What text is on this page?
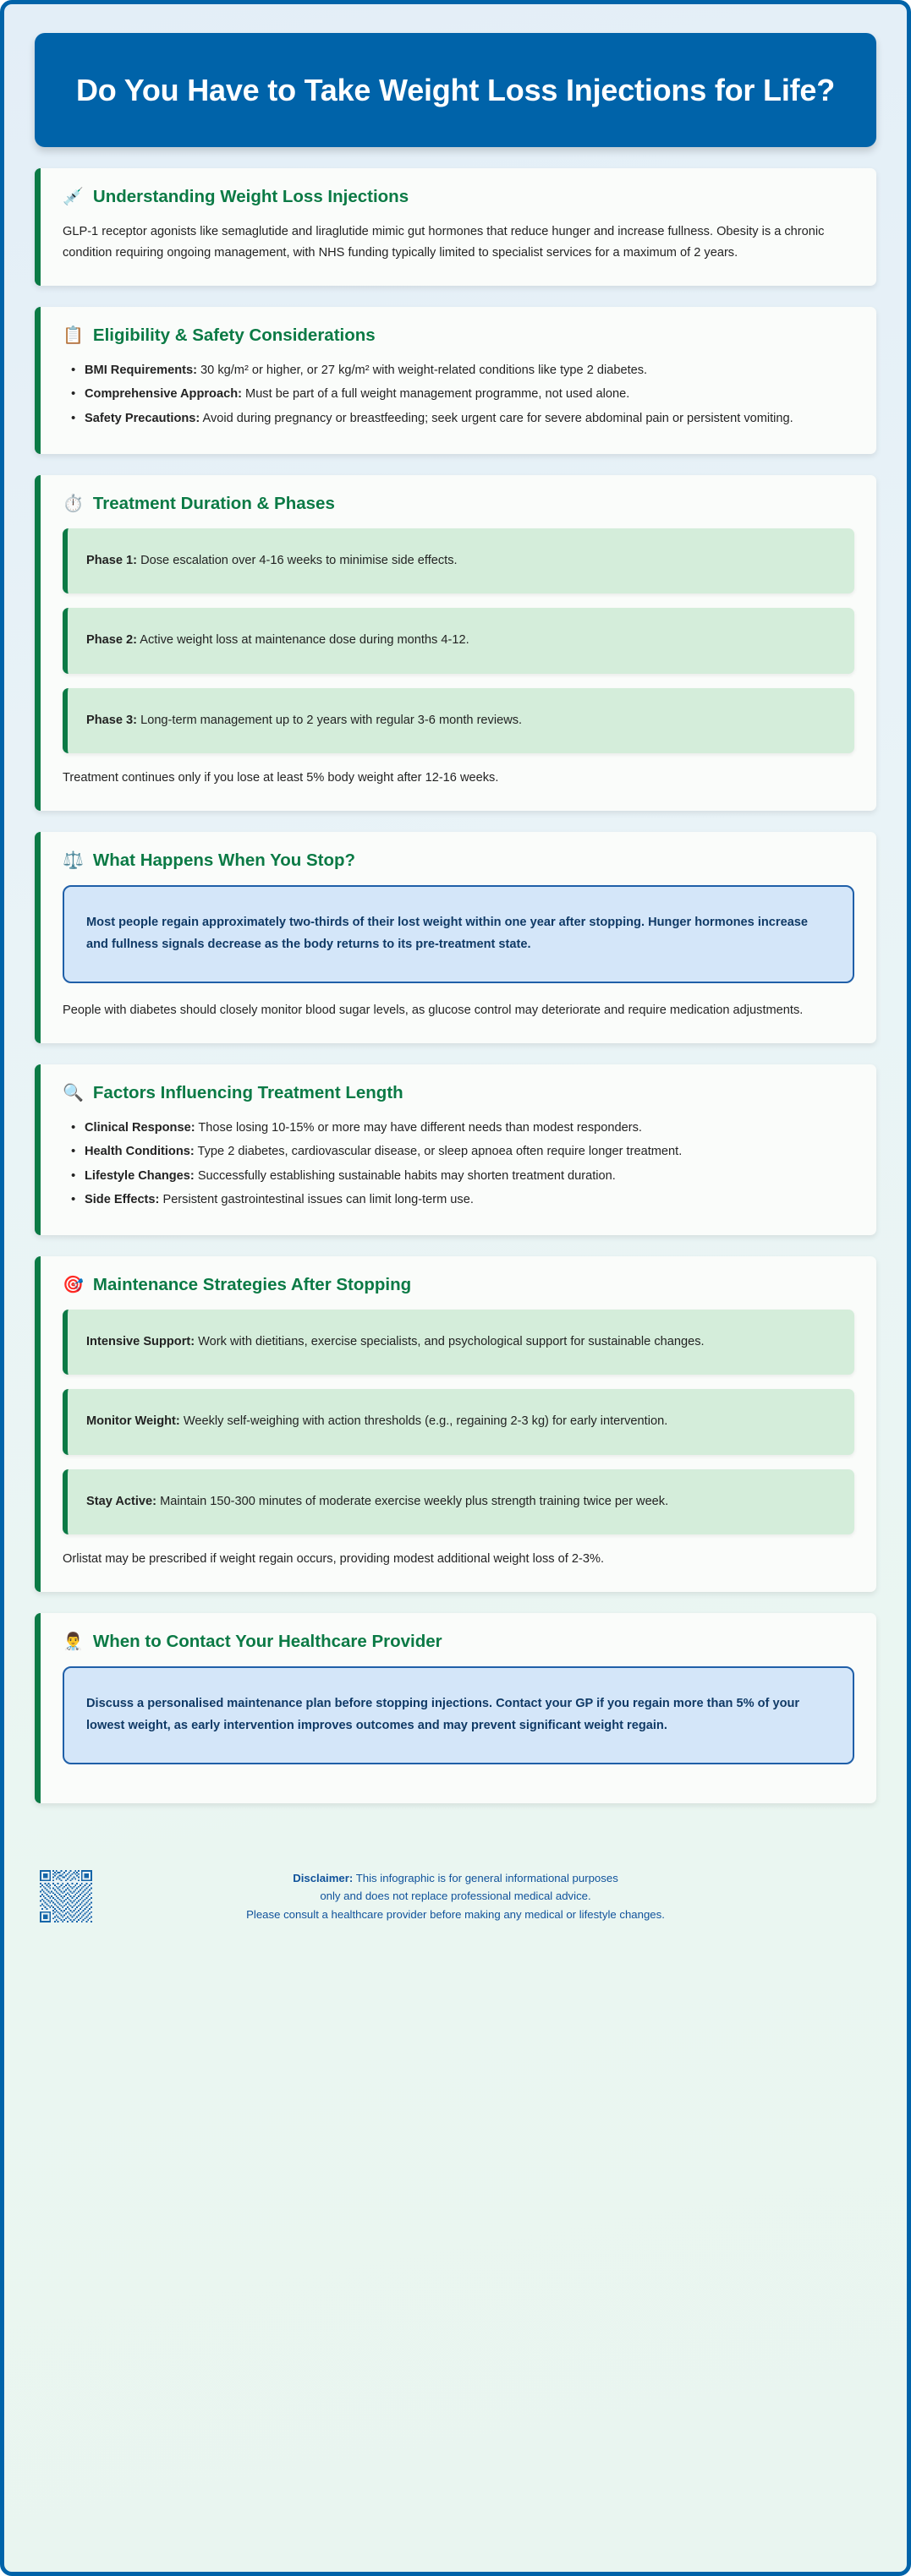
Do You Have to Take Weight Loss Injections for Life?
💉 Understanding Weight Loss Injections

GLP-1 receptor agonists like semaglutide and liraglutide mimic gut hormones that reduce hunger and increase fullness. Obesity is a chronic condition requiring ongoing management, with NHS funding typically limited to specialist services for a maximum of 2 years.

📋 Eligibility & Safety Considerations
• BMI Requirements: 30 kg/m² or higher, or 27 kg/m² with weight-related conditions like type 2 diabetes.
• Comprehensive Approach: Must be part of a full weight management programme, not used alone.
• Safety Precautions: Avoid during pregnancy or breastfeeding; seek urgent care for severe abdominal pain or persistent vomiting.
⏱️ Treatment Duration & Phases

Phase 1: Dose escalation over 4-16 weeks to minimise side effects.

Phase 2: Active weight loss at maintenance dose during months 4-12.

Phase 3: Long-term management up to 2 years with regular 3-6 month reviews.

Treatment continues only if you lose at least 5% body weight after 12-16 weeks.

⚖️ What Happens When You Stop?

Most people regain approximately two-thirds of their lost weight within one year after stopping. Hunger hormones increase and fullness signals decrease as the body returns to its pre-treatment state.

People with diabetes should closely monitor blood sugar levels, as glucose control may deteriorate and require medication adjustments.

🔍 Factors Influencing Treatment Length
• Clinical Response: Those losing 10-15% or more may have different needs than modest responders.
• Health Conditions: Type 2 diabetes, cardiovascular disease, or sleep apnoea often require longer treatment.
• Lifestyle Changes: Successfully establishing sustainable habits may shorten treatment duration.
• Side Effects: Persistent gastrointestinal issues can limit long-term use.
🎯 Maintenance Strategies After Stopping

Intensive Support: Work with dietitians, exercise specialists, and psychological support for sustainable changes.

Monitor Weight: Weekly self-weighing with action thresholds (e.g., regaining 2-3 kg) for early intervention.

Stay Active: Maintain 150-300 minutes of moderate exercise weekly plus strength training twice per week.

Orlistat may be prescribed if weight regain occurs, providing modest additional weight loss of 2-3%.

👨‍⚕️ When to Contact Your Healthcare Provider

Discuss a personalised maintenance plan before stopping injections. Contact your GP if you regain more than 5% of your lowest weight, as early intervention improves outcomes and may prevent significant weight regain.

Disclaimer: This infographic is for general informational purposes
only and does not replace professional medical advice.
Please consult a healthcare provider before making any medical or lifestyle changes.
